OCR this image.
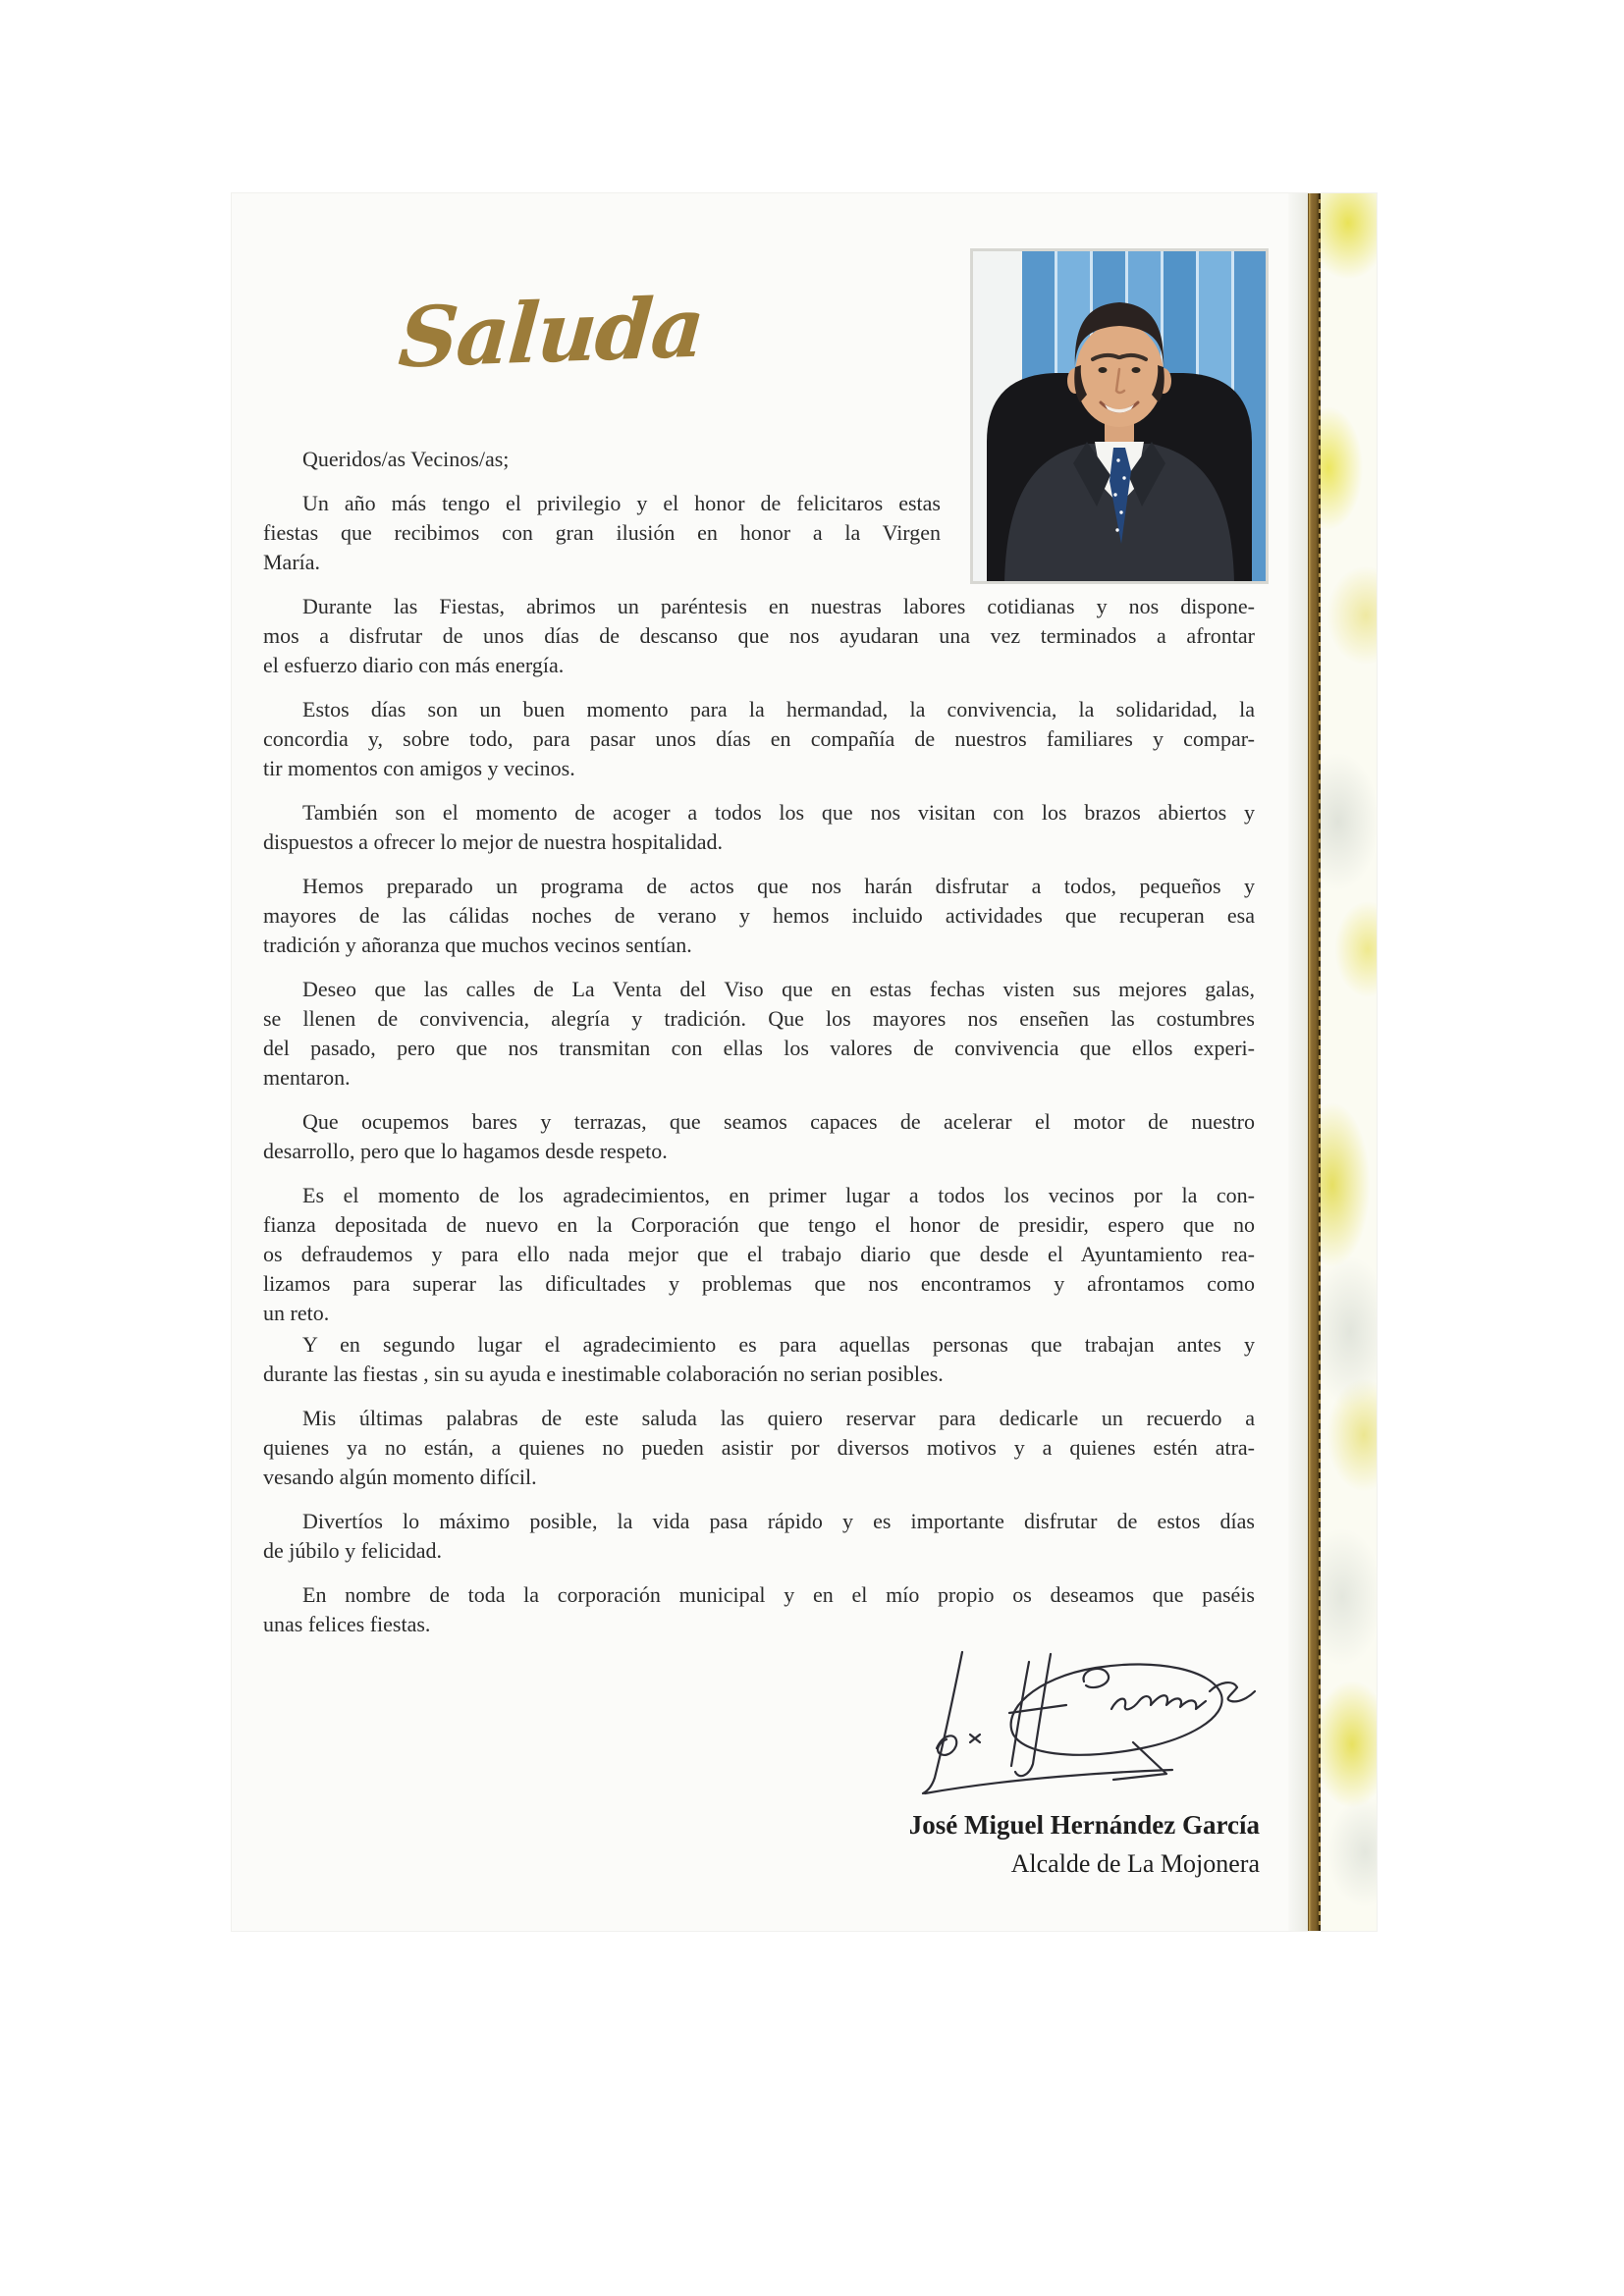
Saluda
Queridos/as Vecinos/as;
Un año más tengo el privilegio y el honor de felicitaros estas
fiestas que recibimos con gran ilusión en honor a la Virgen
María.
Durante las Fiestas, abrimos un paréntesis en nuestras labores cotidianas y nos dispone-
mos a disfrutar de unos días de descanso que nos ayudaran una vez terminados a afrontar
el esfuerzo diario con más energía.
Estos días son un buen momento para la hermandad, la convivencia, la solidaridad, la
concordia y, sobre todo, para pasar unos días en compañía de nuestros familiares y compar-
tir momentos con amigos y vecinos.
También son el momento de acoger a todos los que nos visitan con los brazos abiertos y
dispuestos a ofrecer lo mejor de nuestra hospitalidad.
Hemos preparado un programa de actos que nos harán disfrutar a todos, pequeños y
mayores de las cálidas noches de verano y hemos incluido actividades que recuperan esa
tradición y añoranza que muchos vecinos sentían.
Deseo que las calles de La Venta del Viso que en estas fechas visten sus mejores galas,
se llenen de convivencia, alegría y tradición. Que los mayores nos enseñen las costumbres
del pasado, pero que nos transmitan con ellas los valores de convivencia que ellos experi-
mentaron.
Que ocupemos bares y terrazas, que seamos capaces de acelerar el motor de nuestro
desarrollo, pero que lo hagamos desde respeto.
Es el momento de los agradecimientos, en primer lugar a todos los vecinos por la con-
fianza depositada de nuevo en la Corporación que tengo el honor de presidir, espero que no
os defraudemos y para ello nada mejor que el trabajo diario que desde el Ayuntamiento rea-
lizamos para superar las dificultades y problemas que nos encontramos y afrontamos como
un reto.
Y en segundo lugar el agradecimiento es para aquellas personas que trabajan antes y
durante las fiestas , sin su ayuda e inestimable colaboración no serian posibles.
Mis últimas palabras de este saluda las quiero reservar para dedicarle un recuerdo a
quienes ya no están, a quienes no pueden asistir por diversos motivos y a quienes estén atra-
vesando algún momento difícil.
Divertíos lo máximo posible, la vida pasa rápido y es importante disfrutar de estos días
de júbilo y felicidad.
En nombre de toda la corporación municipal y en el mío propio os deseamos que paséis
unas felices fiestas.
José Miguel Hernández García
Alcalde de La Mojonera
